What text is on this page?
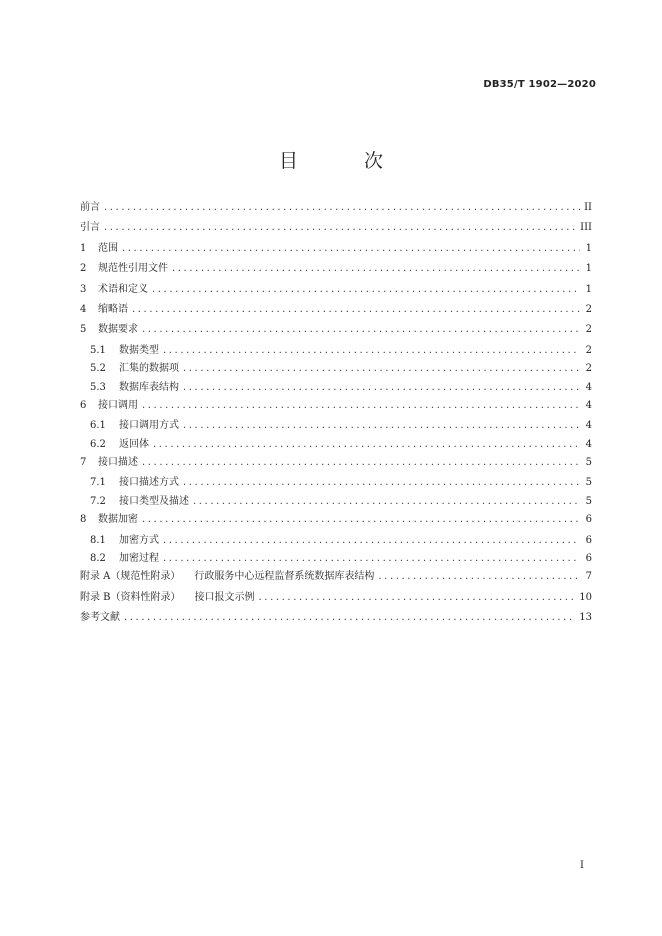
DB35/T 1902—2020
目 次
前言 .....	II
引言 .....	III
1	范围 .....	1
2	规范性引用文件 .....	1
3	术语和定义 .....	1
4	缩略语 .....	2
5	数据要求 .....	2
5.1	数据类型 .....	2
5.2	汇集的数据项 .....	2
5.3	数据库表结构 .....	4
6	接口调用 .....	4
6.1	接口调用方式 .....	4
6.2	返回体 .....	4
7	接口描述 .....	5
7.1	接口描述方式 .....	5
7.2	接口类型及描述 .....	5
8	数据加密 .....	6
8.1	加密方式 .....	6
8.2	加密过程 .....	6
附录 A（规范性附录） 行政服务中心远程监督系统数据库表结构 .....	7
附录 B（资料性附录） 接口报文示例 .....	10
参考文献 .....	13
I
